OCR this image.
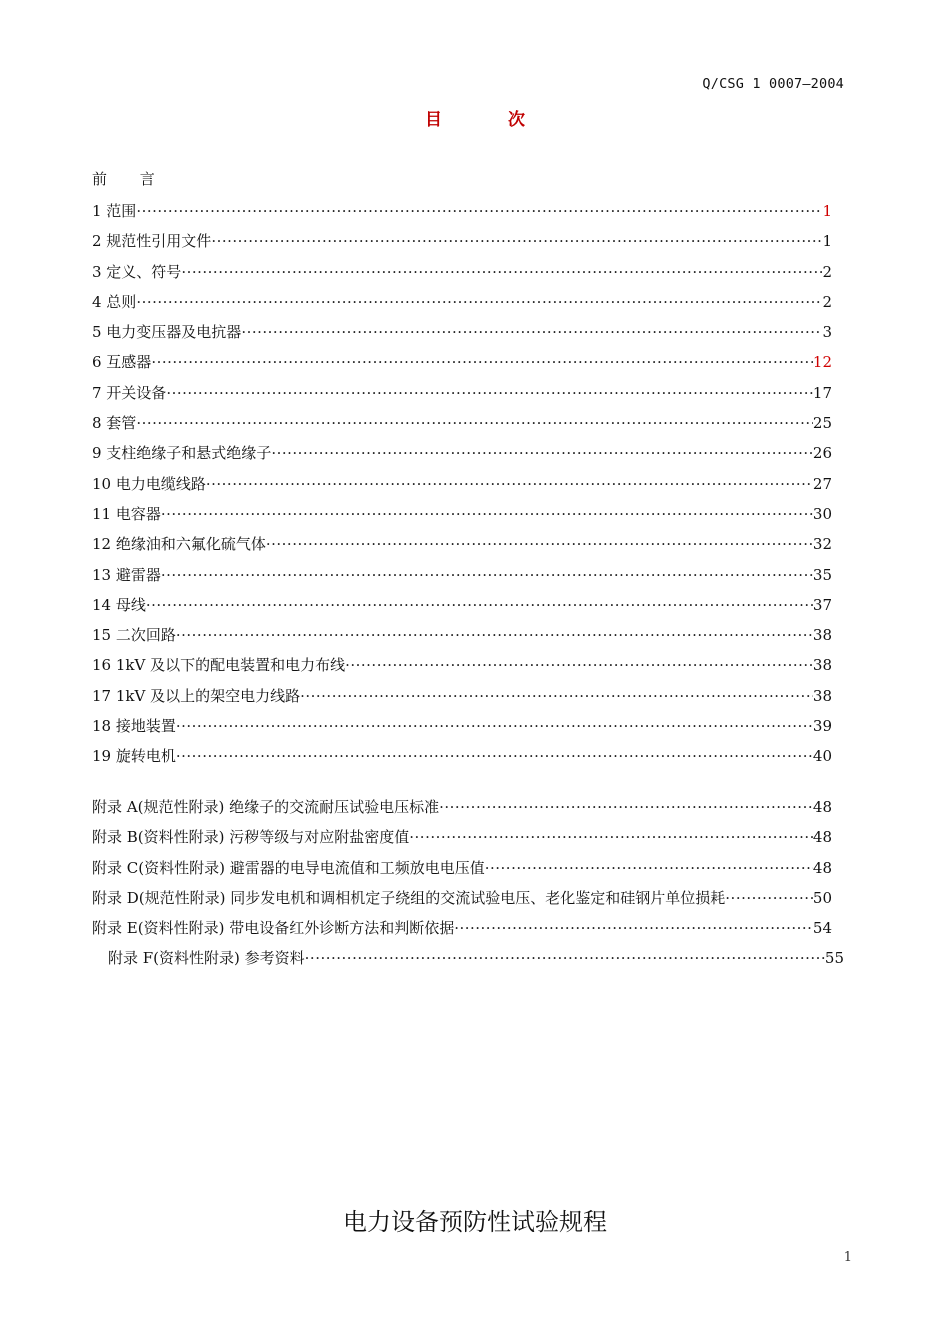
Q/CSG 1 0007—2004
目 次
前 言
1 范围 ·····	1
2 规范性引用文件 ·····	1
3 定义、符号 ·····	2
4 总则 ·····	2
5 电力变压器及电抗器 ·····	3
6 互感器 ·····	12
7 开关设备 ·····	17
8 套管 ·····	25
9 支柱绝缘子和悬式绝缘子 ·····	26
10 电力电缆线路 ·····	27
11 电容器 ·····	30
12 绝缘油和六氟化硫气体 ·····	32
13 避雷器 ·····	35
14 母线 ·····	37
15 二次回路 ·····	38
16 1kV 及以下的配电装置和电力布线 ·····	38
17 1kV 及以上的架空电力线路 ·····	38
18 接地装置 ·····	39
19 旋转电机 ·····	40
附录 A(规范性附录) 绝缘子的交流耐压试验电压标准 ·····	48
附录 B(资料性附录) 污秽等级与对应附盐密度值 ·····	48
附录 C(资料性附录) 避雷器的电导电流值和工频放电电压值 ·····	48
附录 D(规范性附录) 同步发电机和调相机定子绕组的交流试验电压、老化鉴定和硅钢片单位损耗 ·····	50
附录 E(资料性附录) 带电设备红外诊断方法和判断依据 ·····	54
附录 F(资料性附录) 参考资料 ·····	55
电力设备预防性试验规程
1
